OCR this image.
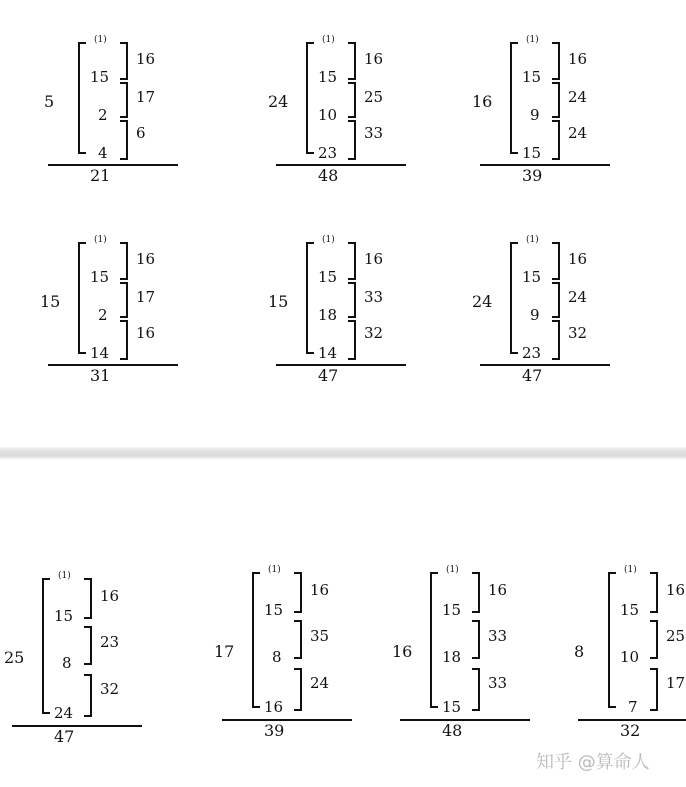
5
(1)
15
2
4
16
17
6
21
24
(1)
15
10
23
16
25
33
48
16
(1)
15
9
15
16
24
24
39
15
(1)
15
2
14
16
17
16
31
15
(1)
15
18
14
16
33
32
47
24
(1)
15
9
23
16
24
32
47
25
(1)
15
8
24
16
23
32
47
17
(1)
15
8
16
16
35
24
39
16
(1)
15
18
15
16
33
33
48
8
(1)
15
10
7
16
25
17
32
知乎 @算命人
